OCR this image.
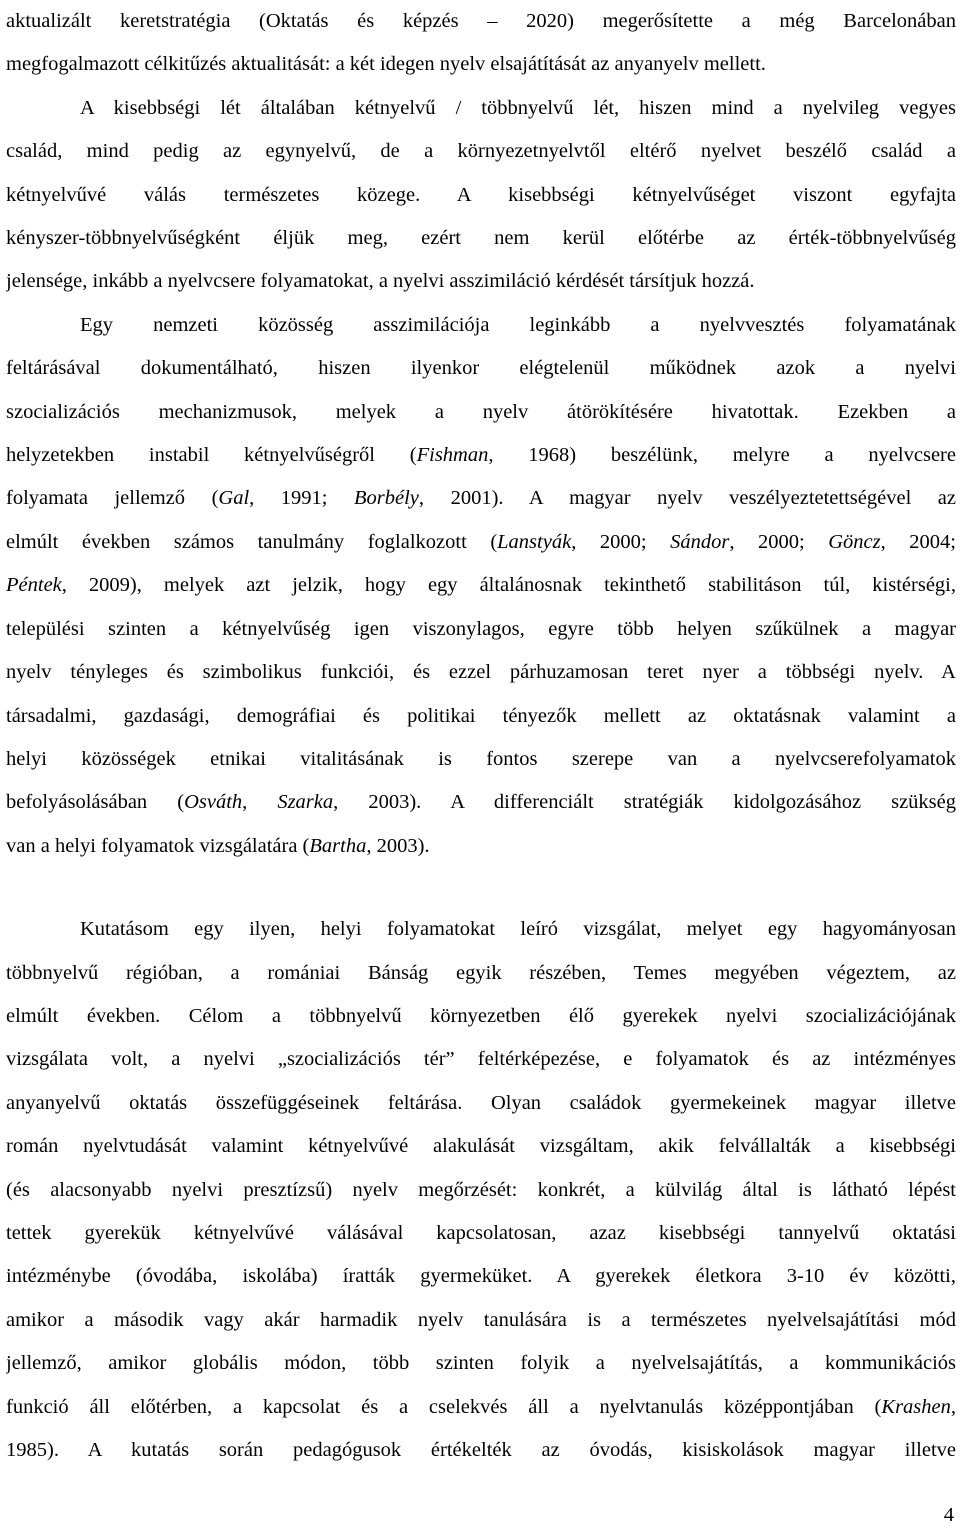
aktualizált keretstratégia (Oktatás és képzés – 2020) megerősítette a még Barcelonában
megfogalmazott célkitűzés aktualitását: a két idegen nyelv elsajátítását az anyanyelv mellett.
A kisebbségi lét általában kétnyelvű / többnyelvű lét, hiszen mind a nyelvileg vegyes
család, mind pedig az egynyelvű, de a környezetnyelvtől eltérő nyelvet beszélő család a
kétnyelvűvé válás természetes közege. A kisebbségi kétnyelvűséget viszont egyfajta
kényszer-többnyelvűségként éljük meg, ezért nem kerül előtérbe az érték-többnyelvűség
jelensége, inkább a nyelvcsere folyamatokat, a nyelvi asszimiláció kérdését társítjuk hozzá.
Egy nemzeti közösség asszimilációja leginkább a nyelvvesztés folyamatának
feltárásával dokumentálható, hiszen ilyenkor elégtelenül működnek azok a nyelvi
szocializációs mechanizmusok, melyek a nyelv átörökítésére hivatottak. Ezekben a
helyzetekben instabil kétnyelvűségről (Fishman, 1968) beszélünk, melyre a nyelvcsere
folyamata jellemző (Gal, 1991; Borbély, 2001). A magyar nyelv veszélyeztetettségével az
elmúlt években számos tanulmány foglalkozott (Lanstyák, 2000; Sándor, 2000; Göncz, 2004;
Péntek, 2009), melyek azt jelzik, hogy egy általánosnak tekinthető stabilitáson túl, kistérségi,
települési szinten a kétnyelvűség igen viszonylagos, egyre több helyen szűkülnek a magyar
nyelv tényleges és szimbolikus funkciói, és ezzel párhuzamosan teret nyer a többségi nyelv. A
társadalmi, gazdasági, demográfiai és politikai tényezők mellett az oktatásnak valamint a
helyi közösségek etnikai vitalitásának is fontos szerepe van a nyelvcserefolyamatok
befolyásolásában (Osváth, Szarka, 2003). A differenciált stratégiák kidolgozásához szükség
van a helyi folyamatok vizsgálatára (Bartha, 2003).
Kutatásom egy ilyen, helyi folyamatokat leíró vizsgálat, melyet egy hagyományosan
többnyelvű régióban, a romániai Bánság egyik részében, Temes megyében végeztem, az
elmúlt években. Célom a többnyelvű környezetben élő gyerekek nyelvi szocializációjának
vizsgálata volt, a nyelvi „szocializációs tér” feltérképezése, e folyamatok és az intézményes
anyanyelvű oktatás összefüggéseinek feltárása. Olyan családok gyermekeinek magyar illetve
román nyelvtudását valamint kétnyelvűvé alakulását vizsgáltam, akik felvállalták a kisebbségi
(és alacsonyabb nyelvi presztízsű) nyelv megőrzését: konkrét, a külvilág által is látható lépést
tettek gyerekük kétnyelvűvé válásával kapcsolatosan, azaz kisebbségi tannyelvű oktatási
intézménybe (óvodába, iskolába) íratták gyermeküket. A gyerekek életkora 3-10 év közötti,
amikor a második vagy akár harmadik nyelv tanulására is a természetes nyelvelsajátítási mód
jellemző, amikor globális módon, több szinten folyik a nyelvelsajátítás, a kommunikációs
funkció áll előtérben, a kapcsolat és a cselekvés áll a nyelvtanulás középpontjában (Krashen,
1985). A kutatás során pedagógusok értékelték az óvodás, kisiskolások magyar illetve
4
